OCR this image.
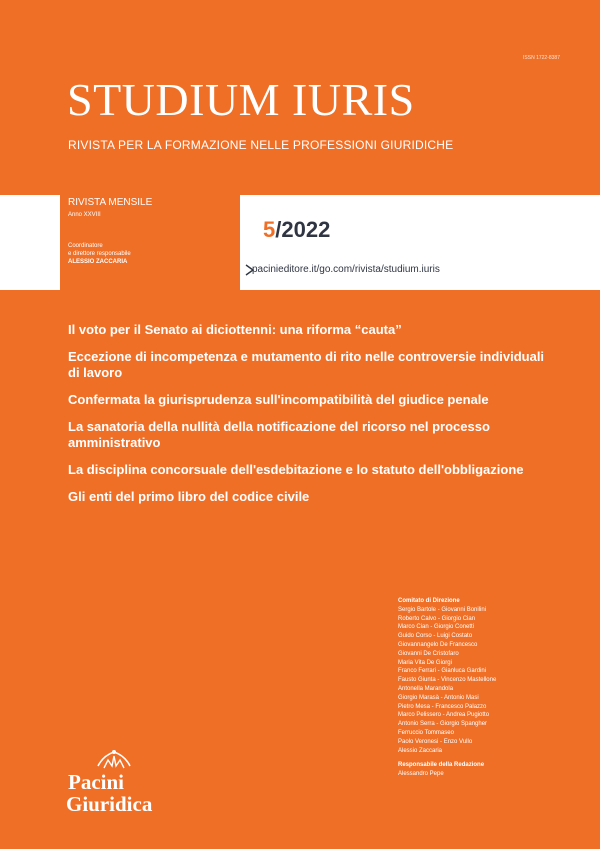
ISSN 1722-8387
STUDIUM IURIS
RIVISTA PER LA FORMAZIONE NELLE PROFESSIONI GIURIDICHE
RIVISTA MENSILE
Anno XXVIII
Coordinatore
e direttore responsabile
ALESSIO ZACCARIA
5/2022
pacinieditore.it/go.com/rivista/studium.iuris
Il voto per il Senato ai diciottenni: una riforma “cauta”
Eccezione di incompetenza e mutamento di rito nelle controversie individuali di lavoro
Confermata la giurisprudenza sull'incompatibilità del giudice penale
La sanatoria della nullità della notificazione del ricorso nel processo amministrativo
La disciplina concorsuale dell'esdebitazione e lo statuto dell'obbligazione
Gli enti del primo libro del codice civile
Comitato di Direzione
Sergio Bartole - Giovanni Bonilini
Roberto Calvo - Giorgio Cian
Marco Cian - Giorgio Conetti
Guido Corso - Luigi Costato
Giovannangelo De Francesco
Giovanni De Cristofaro
Maria Vita De Giorgi
Franco Ferrari - Gianluca Gardini
Fausto Giunta - Vincenzo Mastellone
Antonella Marandola
Giorgio Marasà - Antonio Masi
Pietro Mesa - Francesco Palazzo
Marco Pelissero - Andrea Pugiotto
Antonio Serra - Giorgio Spangher
Ferruccio Tommaseo
Paolo Veronesi - Enzo Vullo
Alessio Zaccaria
Responsabile della Redazione
Alessandro Pepe
Pacini
Giuridica
